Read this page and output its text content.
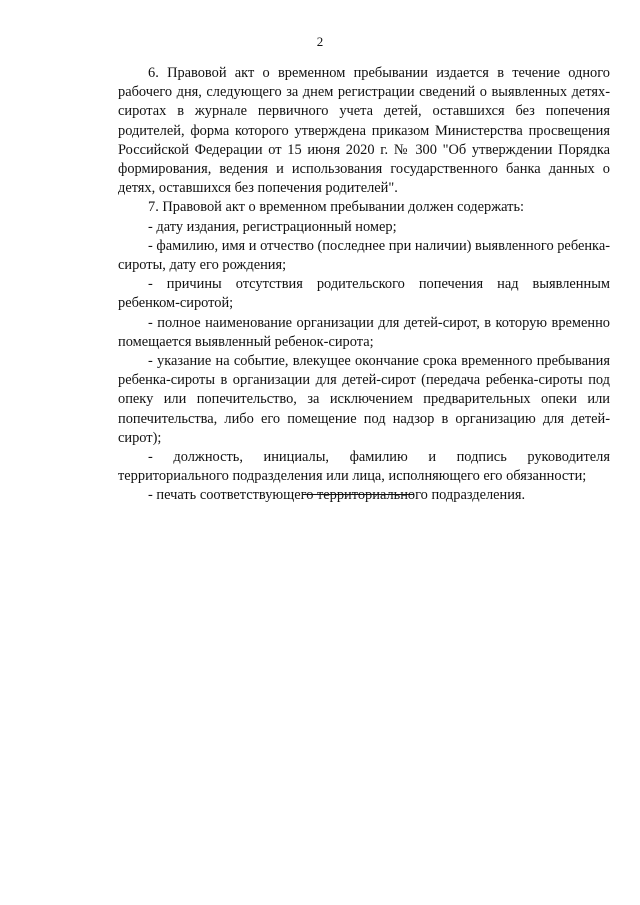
2

6. Правовой акт о временном пребывании издается в течение одного рабочего дня, следующего за днем регистрации сведений о выявленных детях-сиротах в журнале первичного учета детей, оставшихся без попечения родителей, форма которого утверждена приказом Министерства просвещения Российской Федерации от 15 июня 2020 г. № 300 "Об утверждении Порядка формирования, ведения и использования государственного банка данных о детях, оставшихся без попечения родителей".

7. Правовой акт о временном пребывании должен содержать:

- дату издания, регистрационный номер;

- фамилию, имя и отчество (последнее при наличии) выявленного ребенка-сироты, дату его рождения;

- причины отсутствия родительского попечения над выявленным ребенком-сиротой;

- полное наименование организации для детей-сирот, в которую временно помещается выявленный ребенок-сирота;

- указание на событие, влекущее окончание срока временного пребывания ребенка-сироты в организации для детей-сирот (передача ребенка-сироты под опеку или попечительство, за исключением предварительных опеки или попечительства, либо его помещение под надзор в организацию для детей-сирот);

- должность, инициалы, фамилию и подпись руководителя территориального подразделения или лица, исполняющего его обязанности;

- печать соответствующего территориального подразделения.
